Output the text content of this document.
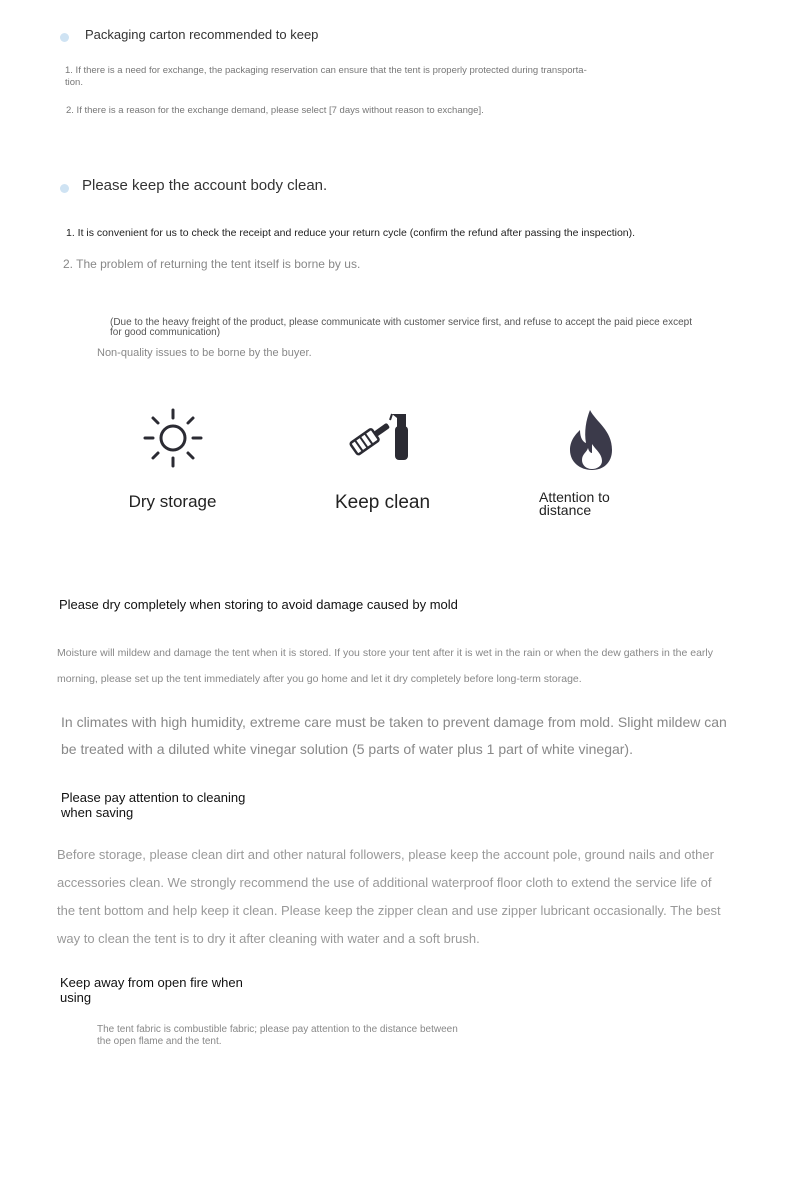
Packaging carton recommended to keep
1. If there is a need for exchange, the packaging reservation can ensure that the tent is properly protected during transporta-
tion.
2. If there is a reason for the exchange demand, please select [7 days without reason to exchange].
Please keep the account body clean.
1. It is convenient for us to check the receipt and reduce your return cycle (confirm the refund after passing the inspection).
2. The problem of returning the tent itself is borne by us.
(Due to the heavy freight of the product, please communicate with customer service first, and refuse to accept the paid piece except for good communication)
Non-quality issues to be borne by the buyer.
Dry storage	Keep clean	Attention to
distance
Please dry completely when storing to avoid damage caused by mold
Moisture will mildew and damage the tent when it is stored. If you store your tent after it is wet in the rain or when the dew gathers in the early morning, please set up the tent immediately after you go home and let it dry completely before long-term storage.
In climates with high humidity, extreme care must be taken to prevent damage from mold. Slight mildew can be treated with a diluted white vinegar solution (5 parts of water plus 1 part of white vinegar).
Please pay attention to cleaning
when saving
Before storage, please clean dirt and other natural followers, please keep the account pole, ground nails and other accessories clean. We strongly recommend the use of additional waterproof floor cloth to extend the service life of the tent bottom and help keep it clean. Please keep the zipper clean and use zipper lubricant occasionally. The best way to clean the tent is to dry it after cleaning with water and a soft brush.
Keep away from open fire when
using
The tent fabric is combustible fabric; please pay attention to the distance between
the open flame and the tent.
